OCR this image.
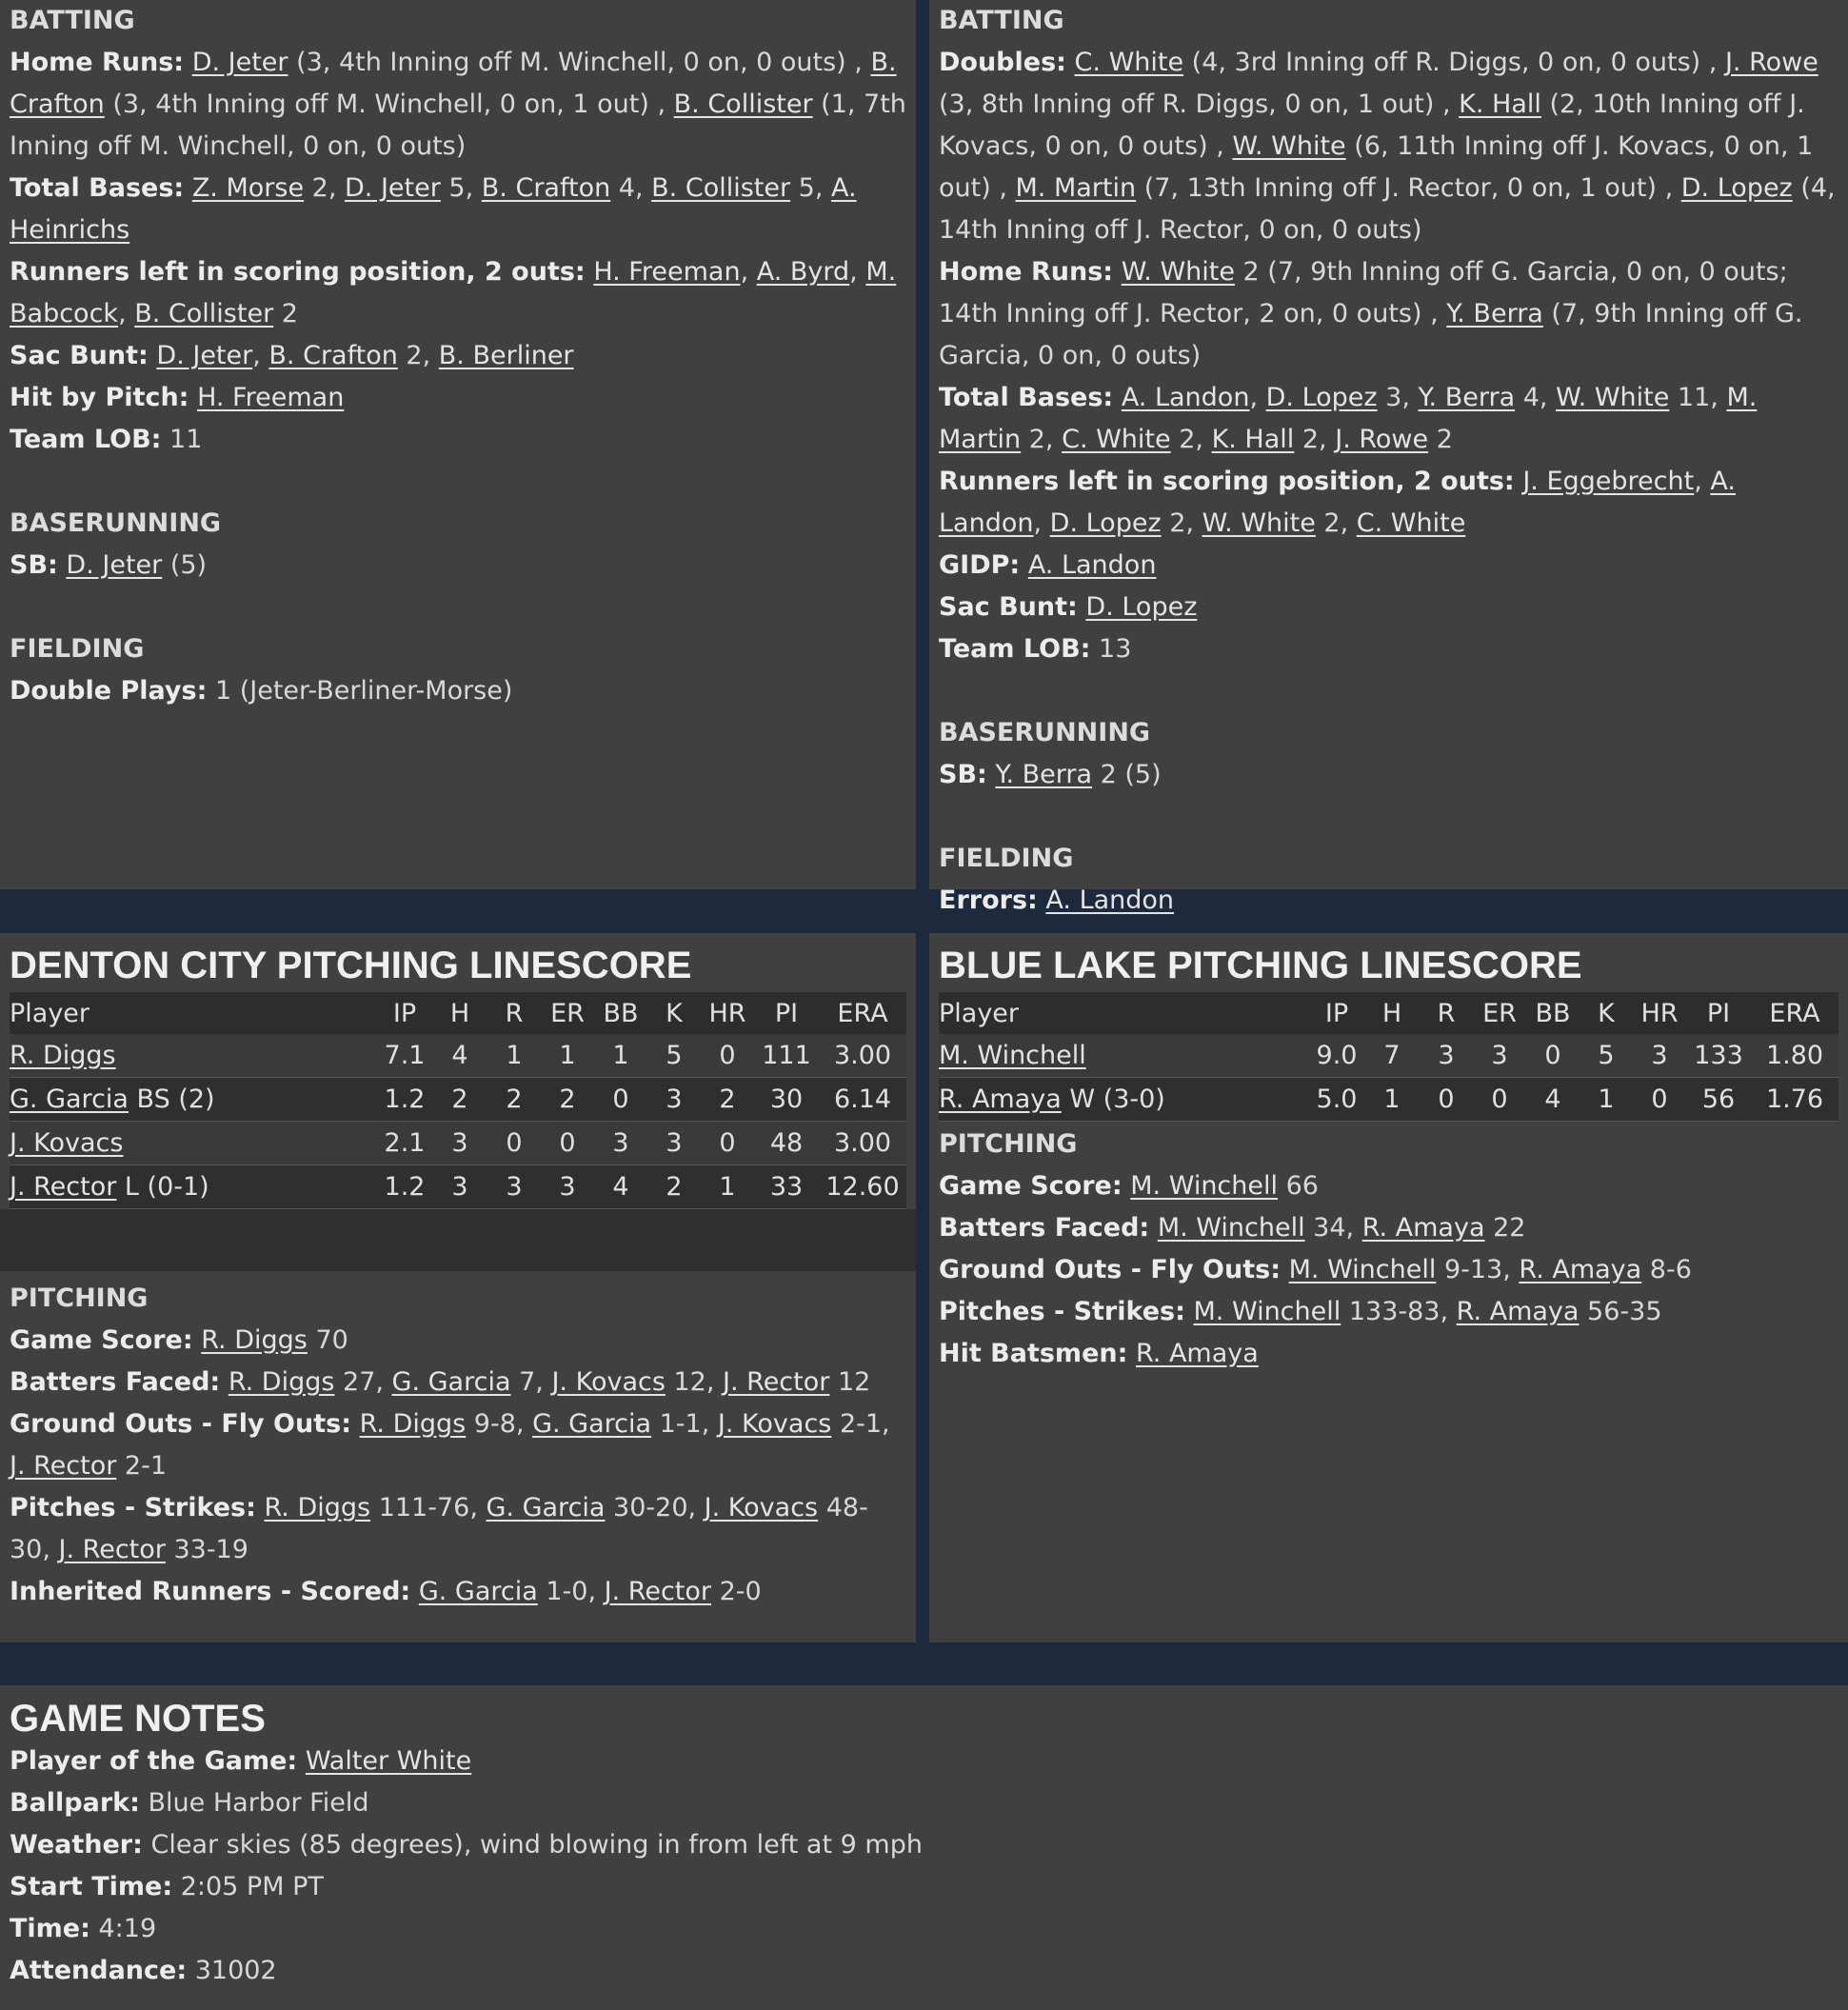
BATTING
Home Runs: D. Jeter (3, 4th Inning off M. Winchell, 0 on, 0 outs) , B. Crafton (3, 4th Inning off M. Winchell, 0 on, 1 out) , B. Collister (1, 7th Inning off M. Winchell, 0 on, 0 outs)
Total Bases: Z. Morse 2, D. Jeter 5, B. Crafton 4, B. Collister 5, A. Heinrichs
Runners left in scoring position, 2 outs: H. Freeman, A. Byrd, M. Babcock, B. Collister 2
Sac Bunt: D. Jeter, B. Crafton 2, B. Berliner
Hit by Pitch: H. Freeman
Team LOB: 11
BASERUNNING
SB: D. Jeter (5)
FIELDING
Double Plays: 1 (Jeter-Berliner-Morse)
BATTING
Doubles: C. White (4, 3rd Inning off R. Diggs, 0 on, 0 outs) , J. Rowe (3, 8th Inning off R. Diggs, 0 on, 1 out) , K. Hall (2, 10th Inning off J. Kovacs, 0 on, 0 outs) , W. White (6, 11th Inning off J. Kovacs, 0 on, 1 out) , M. Martin (7, 13th Inning off J. Rector, 0 on, 1 out) , D. Lopez (4, 14th Inning off J. Rector, 0 on, 0 outs)
Home Runs: W. White 2 (7, 9th Inning off G. Garcia, 0 on, 0 outs; 14th Inning off J. Rector, 2 on, 0 outs) , Y. Berra (7, 9th Inning off G. Garcia, 0 on, 0 outs)
Total Bases: A. Landon, D. Lopez 3, Y. Berra 4, W. White 11, M. Martin 2, C. White 2, K. Hall 2, J. Rowe 2
Runners left in scoring position, 2 outs: J. Eggebrecht, A. Landon, D. Lopez 2, W. White 2, C. White
GIDP: A. Landon
Sac Bunt: D. Lopez
Team LOB: 13
BASERUNNING
SB: Y. Berra 2 (5)
FIELDING
Errors: A. Landon
DENTON CITY PITCHING LINESCORE
Player	IP	H	R	ER	BB	K	HR	PI	ERA
R. Diggs	7.1	4	1	1	1	5	0	111	3.00
G. Garcia BS (2)	1.2	2	2	2	0	3	2	30	6.14
J. Kovacs	2.1	3	0	0	3	3	0	48	3.00
J. Rector L (0-1)	1.2	3	3	3	4	2	1	33	12.60
PITCHING
Game Score: R. Diggs 70
Batters Faced: R. Diggs 27, G. Garcia 7, J. Kovacs 12, J. Rector 12
Ground Outs - Fly Outs: R. Diggs 9-8, G. Garcia 1-1, J. Kovacs 2-1, J. Rector 2-1
Pitches - Strikes: R. Diggs 111-76, G. Garcia 30-20, J. Kovacs 48-30, J. Rector 33-19
Inherited Runners - Scored: G. Garcia 1-0, J. Rector 2-0
BLUE LAKE PITCHING LINESCORE
Player	IP	H	R	ER	BB	K	HR	PI	ERA
M. Winchell	9.0	7	3	3	0	5	3	133	1.80
R. Amaya W (3-0)	5.0	1	0	0	4	1	0	56	1.76
PITCHING
Game Score: M. Winchell 66
Batters Faced: M. Winchell 34, R. Amaya 22
Ground Outs - Fly Outs: M. Winchell 9-13, R. Amaya 8-6
Pitches - Strikes: M. Winchell 133-83, R. Amaya 56-35
Hit Batsmen: R. Amaya
GAME NOTES
Player of the Game: Walter White
Ballpark: Blue Harbor Field
Weather: Clear skies (85 degrees), wind blowing in from left at 9 mph
Start Time: 2:05 PM PT
Time: 4:19
Attendance: 31002
